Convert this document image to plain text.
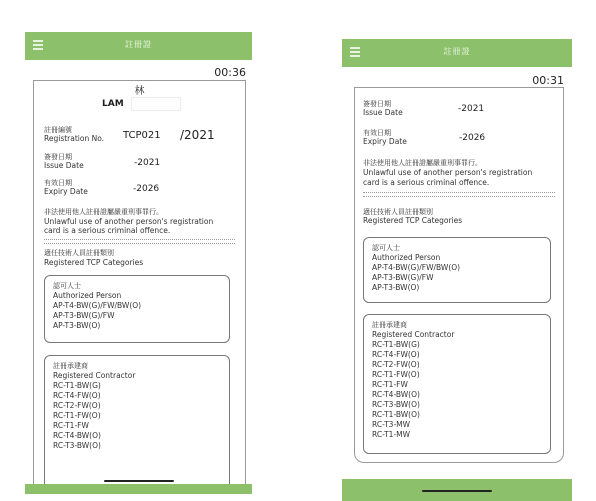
註冊證
00:36
林
LAM
註冊編號
Registration No. TCP021 /2021
簽發日期
Issue Date	-2021
有效日期
Expiry Date	-2026
非法使用他人註冊證屬嚴重刑事罪行。
Unlawful use of another person's registration
card is a serious criminal offence.
適任技術人員註冊類別
Registered TCP Categories
認可人士
Authorized Person
AP-T4-BW(G)/FW/BW(O)
AP-T3-BW(G)/FW
AP-T3-BW(O)
註冊承建商
Registered Contractor
RC-T1-BW(G)
RC-T4-FW(O)
RC-T2-FW(O)
RC-T1-FW(O)
RC-T1-FW
RC-T4-BW(O)
RC-T3-BW(O)
註冊證
00:31
簽發日期
Issue Date	-2021
有效日期
Expiry Date	-2026
非法使用他人註冊證屬嚴重刑事罪行。
Unlawful use of another person's registration
card is a serious criminal offence.
適任技術人員註冊類別
Registered TCP Categories
認可人士
Authorized Person
AP-T4-BW(G)/FW/BW(O)
AP-T3-BW(G)/FW
AP-T3-BW(O)
註冊承建商
Registered Contractor
RC-T1-BW(G)
RC-T4-FW(O)
RC-T2-FW(O)
RC-T1-FW(O)
RC-T1-FW
RC-T4-BW(O)
RC-T3-BW(O)
RC-T1-BW(O)
RC-T3-MW
RC-T1-MW
